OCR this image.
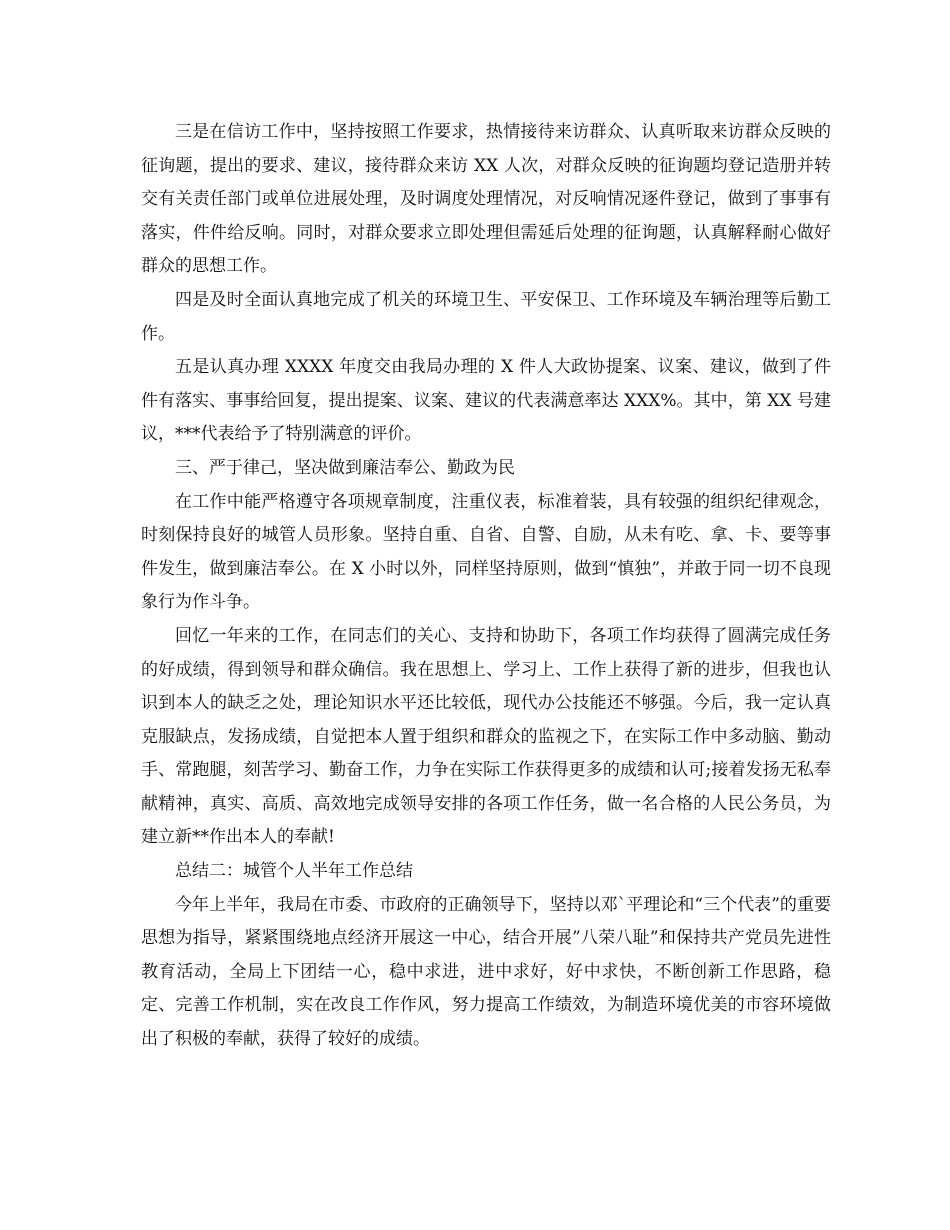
三是在信访工作中，坚持按照工作要求，热情接待来访群众、认真听取来访群众反映的征询题，提出的要求、建议，接待群众来访 XX 人次，对群众反映的征询题均登记造册并转交有关责任部门或单位进展处理，及时调度处理情况，对反响情况逐件登记，做到了事事有落实，件件给反响。同时，对群众要求立即处理但需延后处理的征询题，认真解释耐心做好群众的思想工作。

四是及时全面认真地完成了机关的环境卫生、平安保卫、工作环境及车辆治理等后勤工作。

五是认真办理 XXXX 年度交由我局办理的 X 件人大政协提案、议案、建议，做到了件件有落实、事事给回复，提出提案、议案、建议的代表满意率达 XXX%。其中，第 XX 号建议，***代表给予了特别满意的评价。

三、严于律己，坚决做到廉洁奉公、勤政为民

在工作中能严格遵守各项规章制度，注重仪表，标准着装，具有较强的组织纪律观念，时刻保持良好的城管人员形象。坚持自重、自省、自警、自励，从未有吃、拿、卡、要等事件发生，做到廉洁奉公。在 X 小时以外，同样坚持原则，做到“慎独”，并敢于同一切不良现象行为作斗争。

回忆一年来的工作，在同志们的关心、支持和协助下，各项工作均获得了圆满完成任务的好成绩，得到领导和群众确信。我在思想上、学习上、工作上获得了新的进步，但我也认识到本人的缺乏之处，理论知识水平还比较低，现代办公技能还不够强。今后，我一定认真克服缺点，发扬成绩，自觉把本人置于组织和群众的监视之下，在实际工作中多动脑、勤动手、常跑腿，刻苦学习、勤奋工作，力争在实际工作获得更多的成绩和认可;接着发扬无私奉献精神，真实、高质、高效地完成领导安排的各项工作任务，做一名合格的人民公务员，为建立新**作出本人的奉献!

总结二：城管个人半年工作总结

今年上半年，我局在市委、市政府的正确领导下，坚持以邓`平理论和“三个代表”的重要思想为指导，紧紧围绕地点经济开展这一中心，结合开展”八荣八耻”和保持共产党员先进性教育活动，全局上下团结一心，稳中求进，进中求好，好中求快，不断创新工作思路，稳定、完善工作机制，实在改良工作作风，努力提高工作绩效，为制造环境优美的市容环境做出了积极的奉献，获得了较好的成绩。
